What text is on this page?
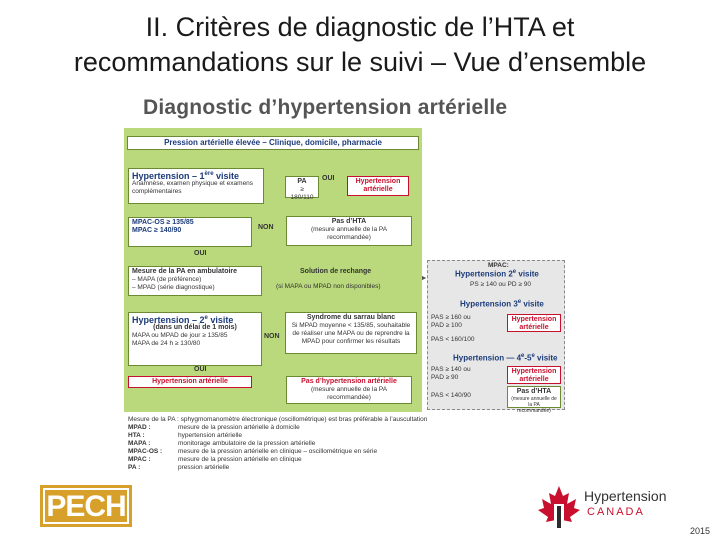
II. Critères de diagnostic de l’HTA et
recommandations sur le suivi – Vue d’ensemble
Diagnostic d’hypertension artérielle
Pression artérielle élevée – Clinique, domicile, pharmacie
Hypertension – 1ère visite
Anamnèse, examen physique et examens complémentaires
PA
≥ 180/110
OUI	Hypertension artérielle
MPAC-OS ≥ 135/85
MPAC ≥ 140/90	NON
Pas d’HTA
(mesure annuelle de la PA recommandée)
OUI
Mesure de la PA en ambulatoire
– MAPA (de préférence)
– MPAD (série diagnostique)
Solution de rechange
(si MAPA ou MPAD non disponibles)
Hypertension – 2e visite
(dans un délai de 1 mois)
MAPA ou MPAD de jour ≥ 135/85
MAPA de 24 h ≥ 130/80
NON
Syndrome du sarrau blanc
Si MPAD moyenne < 135/85, souhaitable de réaliser une MAPA ou de reprendre la MPAD pour confirmer les résultats
OUI
Hypertension artérielle	Pas d’hypertension artérielle
(mesure annuelle de la PA recommandée)
MPAC:
Hypertension 2e visite
PS ≥ 140 ou PD ≥ 90
Hypertension 3e visite
PAS ≥ 160 ou
PAD ≥ 100
Hypertension artérielle
PAS < 160/100
Hypertension — 4e-5e visite
PAS ≥ 140 ou
PAD ≥ 90
Hypertension artérielle
PAS < 140/90
Pas d’HTA
(mesure annuelle de la PA recommandée)
Mesure de la PA : sphygmomanomètre électronique (oscillométrique) est bras préférable à l’auscultation
MPAD :	mesure de la pression artérielle à domicile
HTA :	hypertension artérielle
MAPA :	monitorage ambulatoire de la pression artérielle
MPAC-OS : mesure de la pression artérielle en clinique – oscillométrique en série
MPAC :	mesure de la pression artérielle en clinique
PA :	pression artérielle
PECH	Hypertension
CANADA
2015
